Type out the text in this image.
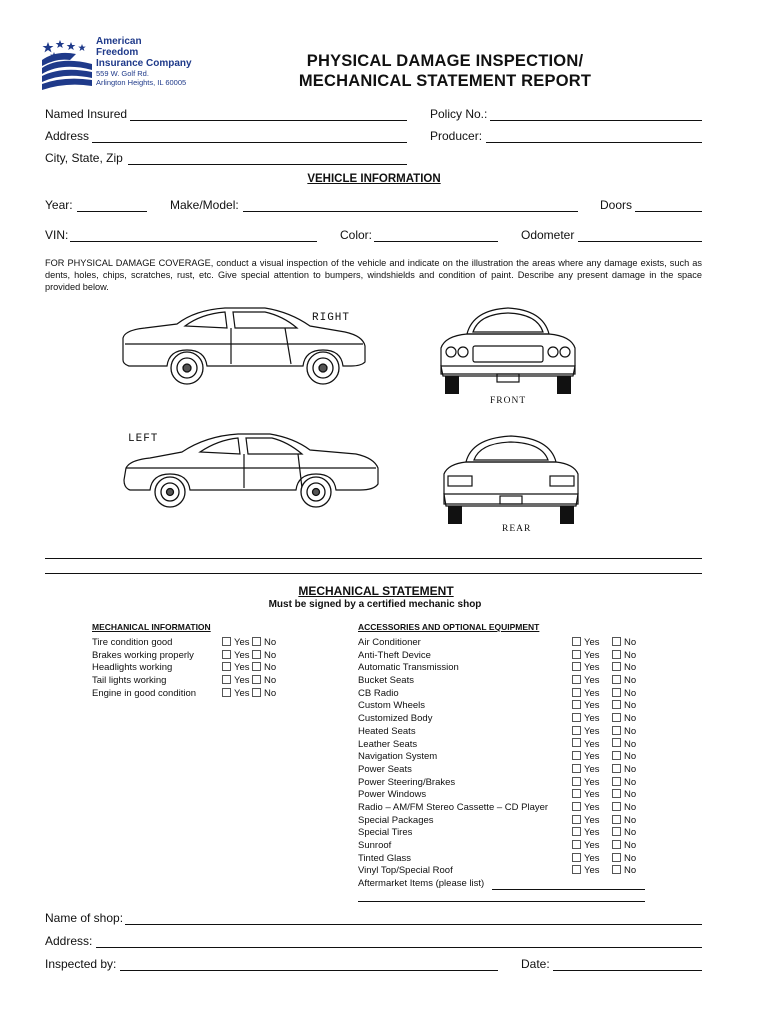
American
Freedom
Insurance Company
559 W. Golf Rd.
Arlington Heights, IL 60005
PHYSICAL DAMAGE INSPECTION/
MECHANICAL STATEMENT REPORT
Named Insured	Policy No.:
Address	Producer:
City, State, Zip
VEHICLE INFORMATION
Year:	Make/Model:	Doors
VIN:	Color:	Odometer
FOR PHYSICAL DAMAGE COVERAGE, conduct a visual inspection of the vehicle and indicate on the illustration the areas where any damage exists, such as dents, holes, chips, scratches, rust, etc. Give special attention to bumpers, windshields and condition of paint. Describe any present damage in the space provided below.
RIGHT
LEFT
FRONT
REAR
MECHANICAL STATEMENT
Must be signed by a certified mechanic shop
MECHANICAL INFORMATION	ACCESSORIES AND OPTIONAL EQUIPMENT
Tire condition good	Yes	No
Brakes working properly	Yes	No
Headlights working	Yes	No
Tail lights working	Yes	No
Engine in good condition	Yes	No
Air Conditioner	Yes	No
Anti-Theft Device	Yes	No
Automatic Transmission	Yes	No
Bucket Seats	Yes	No
CB Radio	Yes	No
Custom Wheels	Yes	No
Customized Body	Yes	No
Heated Seats	Yes	No
Leather Seats	Yes	No
Navigation System	Yes	No
Power Seats	Yes	No
Power Steering/Brakes	Yes	No
Power Windows	Yes	No
Radio – AM/FM Stereo Cassette – CD Player	Yes	No
Special Packages	Yes	No
Special Tires	Yes	No
Sunroof	Yes	No
Tinted Glass	Yes	No
Vinyl Top/Special Roof	Yes	No
Aftermarket Items (please list)
Name of shop:
Address:
Inspected by:	Date:
